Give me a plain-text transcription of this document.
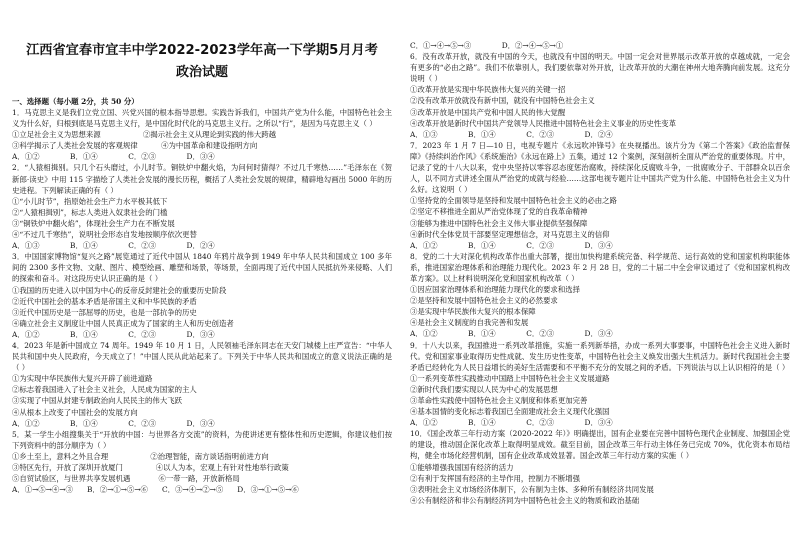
江西省宜春市宜丰中学2022-2023学年高一下学期5月月考
政治试题
一、选择题（每小题 2分，共 50 分）

1．马克思主义是我们立党立国、兴党兴国的根本指导思想。实践告诉我们，中国共产党为什么能，中国特色社会主义为什么好，归根到底是马克思主义行，是中国化时代化的马克思主义行。之所以“行”，是因为马克思主义（ ）

①立足社会主义为思想来源                  ②揭示社会主义从理论到实践的伟大跨越

③科学揭示了人类社会发展的客观规律          ④为中国革命和建设指明方向

A．①②             B．①④             C．②③             D．③④

2．“人猿相揖别。只几个石头磨过，小儿时节。铜铁炉中翻火焰，为问何时猜得？不过几千寒热……”毛泽东在《贺新郎·读史》中用 115 字描绘了人类社会发展的漫长历程，概括了人类社会发展的规律，精辟地勾画出 5000 年的历史进程。下列解读正确的有（ ）

①“小儿时节”，指原始社会生产力水平极其低下

②“人猿相揖别”，标志人类进入奴隶社会的门槛

③“铜铁炉中翻火焰”，体现社会生产力在不断发展

④“不过几千寒热”，说明社会形态自发地按顺序依次更替

A．①③             B．①④             C．②③             D．②④

3．中国国家博物馆“复兴之路”展览通过了近代中国从 1840 年鸦片战争到 1949 年中华人民共和国成立 100 多年间的 2300 多件文物、文献、图片、模型绘画、雕塑和场景，等场景，全面再现了近代中国人民抵抗外来侵略、人们的探索和奋斗。对这段历史认识正确的是（ ）

①我国的历史进入以中国为中心的反帝反封建社会的重要历史阶段

②近代中国社会的基本矛盾是帝国主义和中华民族的矛盾

③近代中国历史是一部屈辱的历史，也是一部抗争的历史

④确立社会主义制度让中国人民真正成为了国家的主人和历史创造者

A．①②             B．①④             C．②③             D．③④

4．2023 年是新中国成立 74 周年。1949 年 10 月 1 日，人民领袖毛泽东同志在天安门城楼上庄严宣告：“中华人民共和国中央人民政府，今天成立了！”中国人民从此站起来了。下列关于中华人民共和国成立的意义说法正确的是（ ）

①为实现中华民族伟大复兴开辟了前进道路

②标志着我国进入了社会主义社会，人民成为国家的主人

③实现了中国从封建专制政治向人民民主的伟大飞跃

④从根本上改变了中国社会的发展方向

A．①②             B．①④             C．②③             D．③④

5．某一学生小组搜集关于“开放的中国：与世界各方交流”的资料，为使讲述更有整体性和历史逻辑，你建议他们按下列资料中的部分顺序为（ ）

①乡土至上，意料之外且合理                  ②治理智能，南方谈话指明前进方向

③特区先行，开放了深圳开放厦门              ④以人为本，宏观上有针对性地举行政策

⑤自贸试验区，与世界共享发展机遇            ⑥一带一路，开放新格局

A．①→⑤→④→③      B．②→①→⑤→⑥      C．③→④→②→⑤      D．③→①→⑤→⑥

C．①→④→⑤→③             D．②→④→⑤→①

6．没有改革开放，就没有中国的今天，也就没有中国的明天。中国一定会对世界展示改革开放的卓越成就，一定会有更多的“必由之路”。我们不依靠别人，我们要依靠对外开放，让改革开放的大潮在神州大地奔腾向前发展。这充分说明（ ）

①改革开放是实现中华民族伟大复兴的关键一招

②没有改革开放就没有新中国，就没有中国特色社会主义

③改革开放是中国共产党和中国人民的伟大觉醒

④改革开放是新时代中国共产党领导人民推进中国特色社会主义事业的历史性变革

A．①③             B．①④             C．②③             D．②④

7．2023 年 1 月 7 日—10 日，电视专题片《永远吹冲锋号》在央视播出。该片分为《第二个答案》《政治监督保障》《持续纠治作风》《系统施治》《永远在路上》五集，通过 12 个案例，深刻剖析全面从严治党的重要体现。片中，记录了党的十八大以来，党中央坚持以零容忍态度惩治腐败，持续深化反腐败斗争，一批腐败分子、干部群众以百余人，以不同方式讲述全面从严治党的成就与经验……这部电视专题片让中国共产党为什么能、中国特色社会主义为什么好。这说明（ ）

①坚持党的全面领导是坚持和发展中国特色社会主义的必由之路

②坚定不移推进全面从严治党体现了党的自我革命精神

③能够为推进中国特色社会主义伟大事业提供坚强保障

④新时代全体党员干部要坚定理想信念，对马克思主义的信仰

A．①②             B．①④             C．②③             D．③④

8．党的二十大对深化机构改革作出重大部署，提出加快构建系统完备、科学规范、运行高效的党和国家机构职能体系，推进国家治理体系和治理能力现代化。2023 年 2 月 28 日，党的二十届二中全会审议通过了《党和国家机构改革方案》。以上材料说明深化党和国家机构改革（ ）

①因应国家治理体系和治理能力现代化的要求和选择

②是坚持和发展中国特色社会主义的必然要求

③是实现中华民族伟大复兴的根本保障

④是社会主义制度的自我完善和发展

A．①②             B．①④             C．②③             D．③④

9．十八大以来，我国推进一系列改革措施，实施一系列新举措，办成一系列大事要事，中国特色社会主义进入新时代。党和国家事业取得历史性成就、发生历史性变革，中国特色社会主义焕发出强大生机活力。新时代我国社会主要矛盾已经转化为人民日益增长的美好生活需要和不平衡不充分的发展之间的矛盾。下列说法与以上认识相符的是（ ）

①一系列变革性实践推动中国踏上中国特色社会主义发展道路

②新时代我们要实现以人民为中心的发展思想

③革命性实践使中国特色社会主义制度和体系更加完善

④基本国情的变化标志着我国已全面建成社会主义现代化强国

A．①②             B．①④             C．②③             D．③④

10．《国企改革三年行动方案（2020-2022 年）》明确提出，国有企业要在完善中国特色现代企业制度、加强国企党的建设，推动国企深化改革上取得明显成效。截至目前，国企改革三年行动主体任务已完成 70%，优化资本布局结构，健全市场化经营机制，国有企业改革成效显著。国企改革三年行动方案的实施（ ）

①能够增强我国国有经济的活力

②有利于发挥国有经济的主导作用，控制力不断增强

③表明社会主义市场经济体制下，公有制为主体、多种所有制经济共同发展

④公有制经济和非公有制经济同为中国特色社会主义的物质和政治基础
